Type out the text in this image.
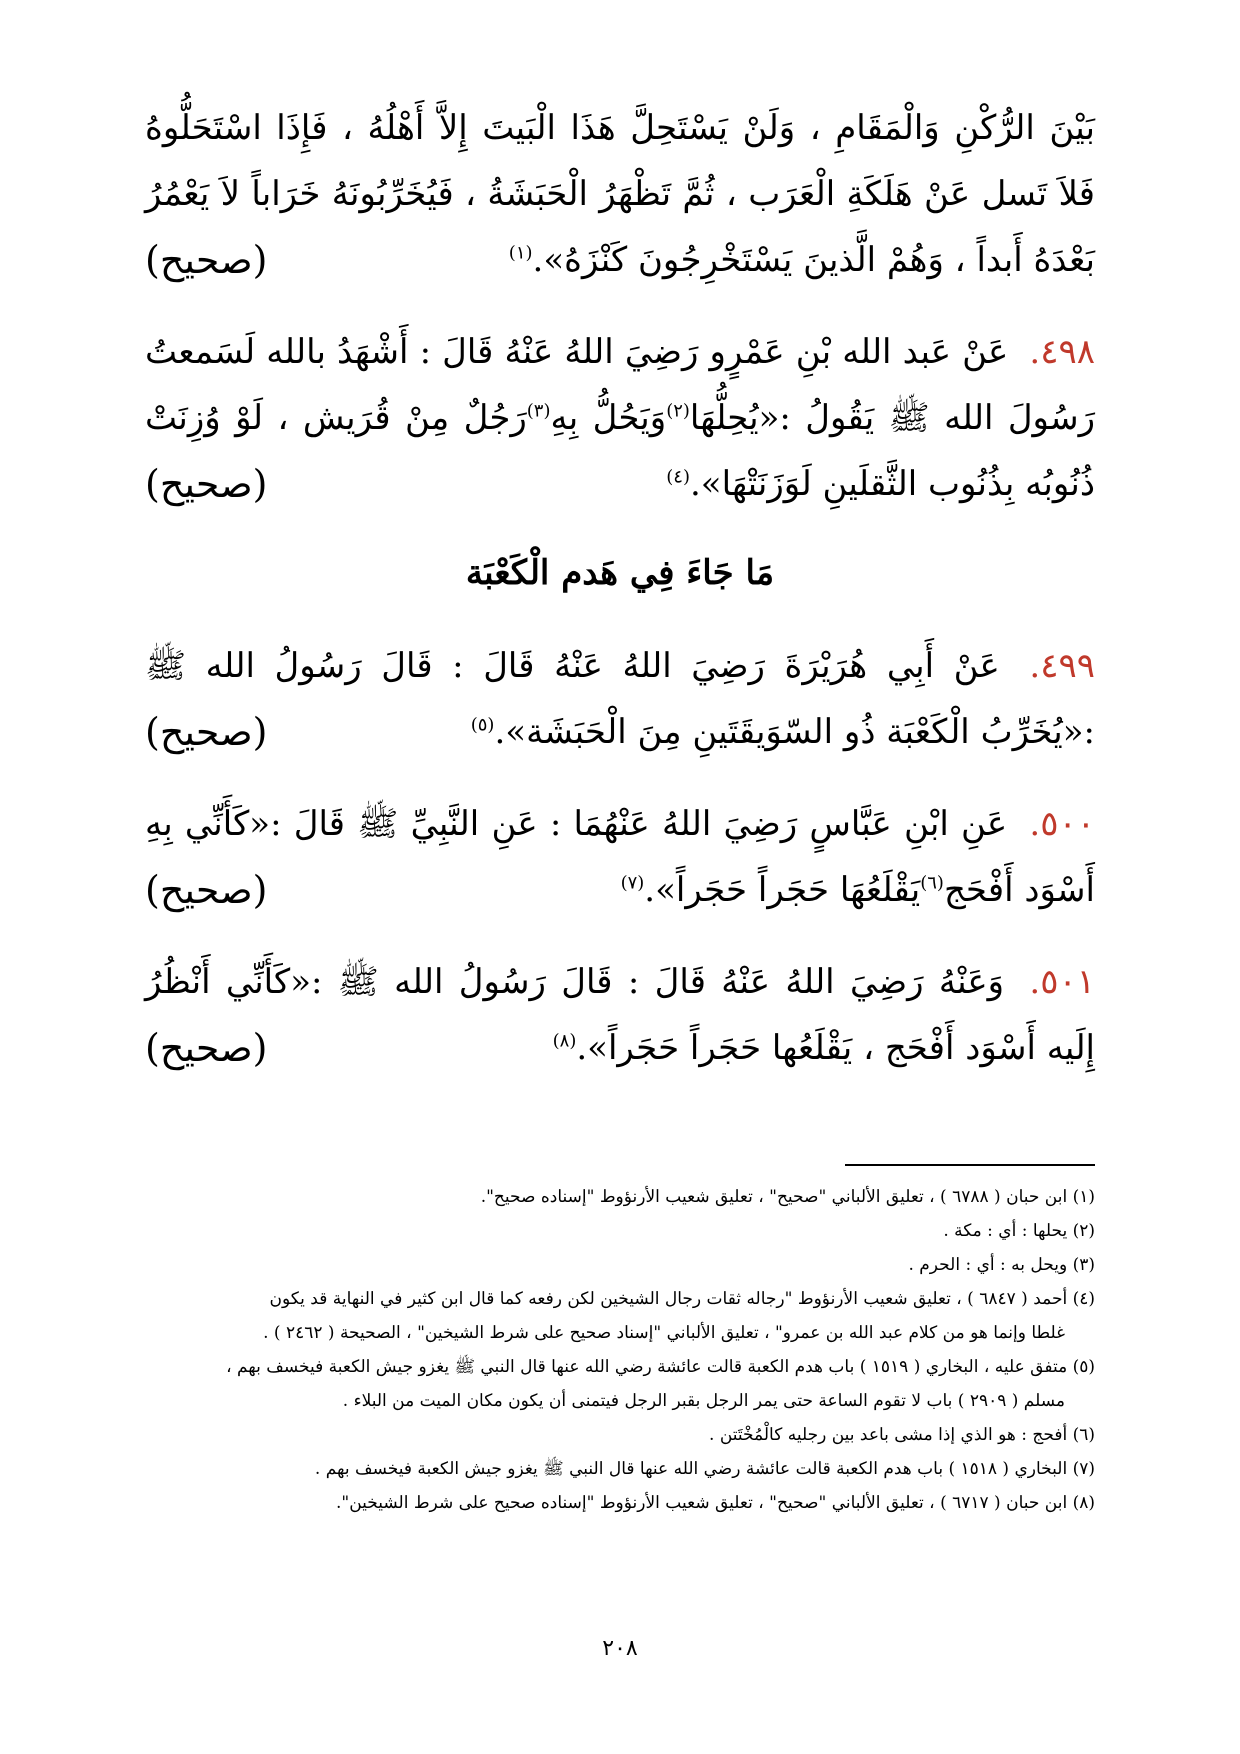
بَيْنَ الرُّكْنِ وَالْمَقَامِ ، وَلَنْ يَسْتَحِلَّ هَذَا الْبَيتَ إِلاَّ أَهْلُهُ ، فَإِذَا اسْتَحَلُّوهُ فَلاَ تَسل عَنْ هَلَكَةِ الْعَرَب ، ثُمَّ تَظْهَرُ الْحَبَشَةُ ، فَيُخَرِّبُونَهُ خَرَاباً لاَ يَعْمُرُ بَعْدَهُ أَبداً ، وَهُمْ الَّذينَ يَسْتَخْرِجُونَ كَنْزَهُ».$^{(١)}$
(صحيح)

٤٩٨. عَنْ عَبد الله بْنِ عَمْرٍو رَضِيَ اللهُ عَنْهُ قَالَ : أَشْهَدُ بالله لَسَمعتُ رَسُولَ الله ﷺ يَقُولُ :«يُحِلُّهَا$^{(٢)}$وَيَحُلُّ بِهِ$^{(٣)}$رَجُلٌ مِنْ قُرَيش ، لَوْ وُزِنَتْ ذُنُوبُه بِذُنُوب الثَّقلَينِ لَوَزَنَتْهَا».$^{(٤)}$
(صحيح)

مَا جَاءَ فِي هَدم الْكَعْبَة

٤٩٩. عَنْ أَبِي هُرَيْرَةَ رَضِيَ اللهُ عَنْهُ قَالَ : قَالَ رَسُولُ الله ﷺ :«يُخَرِّبُ الْكَعْبَة ذُو السّوَيقَتَينِ مِنَ الْحَبَشَة».$^{(٥)}$
(صحيح)

٥٠٠. عَنِ ابْنِ عَبَّاسٍ رَضِيَ اللهُ عَنْهُمَا : عَنِ النَّبِيِّ ﷺ قَالَ :«كَأَنِّي بِهِ أَسْوَد أَفْحَج$^{(٦)}$يَقْلَعُهَا حَجَراً حَجَراً».$^{(٧)}$
(صحيح)

٥٠١. وَعَنْهُ رَضِيَ اللهُ عَنْهُ قَالَ : قَالَ رَسُولُ الله ﷺ :«كَأَنِّي أَنْظُرُ إِلَيه أَسْوَد أَفْحَج ، يَقْلَعُها حَجَراً حَجَراً».$^{(٨)}$
(صحيح)

(١) ابن حبان ( ٦٧٨٨ ) ، تعليق الألباني "صحيح" ، تعليق شعيب الأرنؤوط "إسناده صحيح".

(٢) يحلها : أي : مكة .

(٣) ويحل به : أي : الحرم .

(٤) أحمد ( ٦٨٤٧ ) ، تعليق شعيب الأرنؤوط "رجاله ثقات رجال الشيخين لكن رفعه كما قال ابن كثير في النهاية قد يكون

غلطا وإنما هو من كلام عبد الله بن عمرو" ، تعليق الألباني "إسناد صحيح على شرط الشيخين" ، الصحيحة ( ٢٤٦٢ ) .

(٥) متفق عليه ، البخاري ( ١٥١٩ ) باب هدم الكعبة قالت عائشة رضي الله عنها قال النبي ﷺ يغزو جيش الكعبة فيخسف بهم ،

مسلم ( ٢٩٠٩ ) باب لا تقوم الساعة حتى يمر الرجل بقبر الرجل فيتمنى أن يكون مكان الميت من البلاء .

(٦) أفحج : هو الذي إذا مشى باعد بين رجليه كالْمُخْتَتن .

(٧) البخاري ( ١٥١٨ ) باب هدم الكعبة قالت عائشة رضي الله عنها قال النبي ﷺ يغزو جيش الكعبة فيخسف بهم .

(٨) ابن حبان ( ٦٧١٧ ) ، تعليق الألباني "صحيح" ، تعليق شعيب الأرنؤوط "إسناده صحيح على شرط الشيخين".

٢٠٨
